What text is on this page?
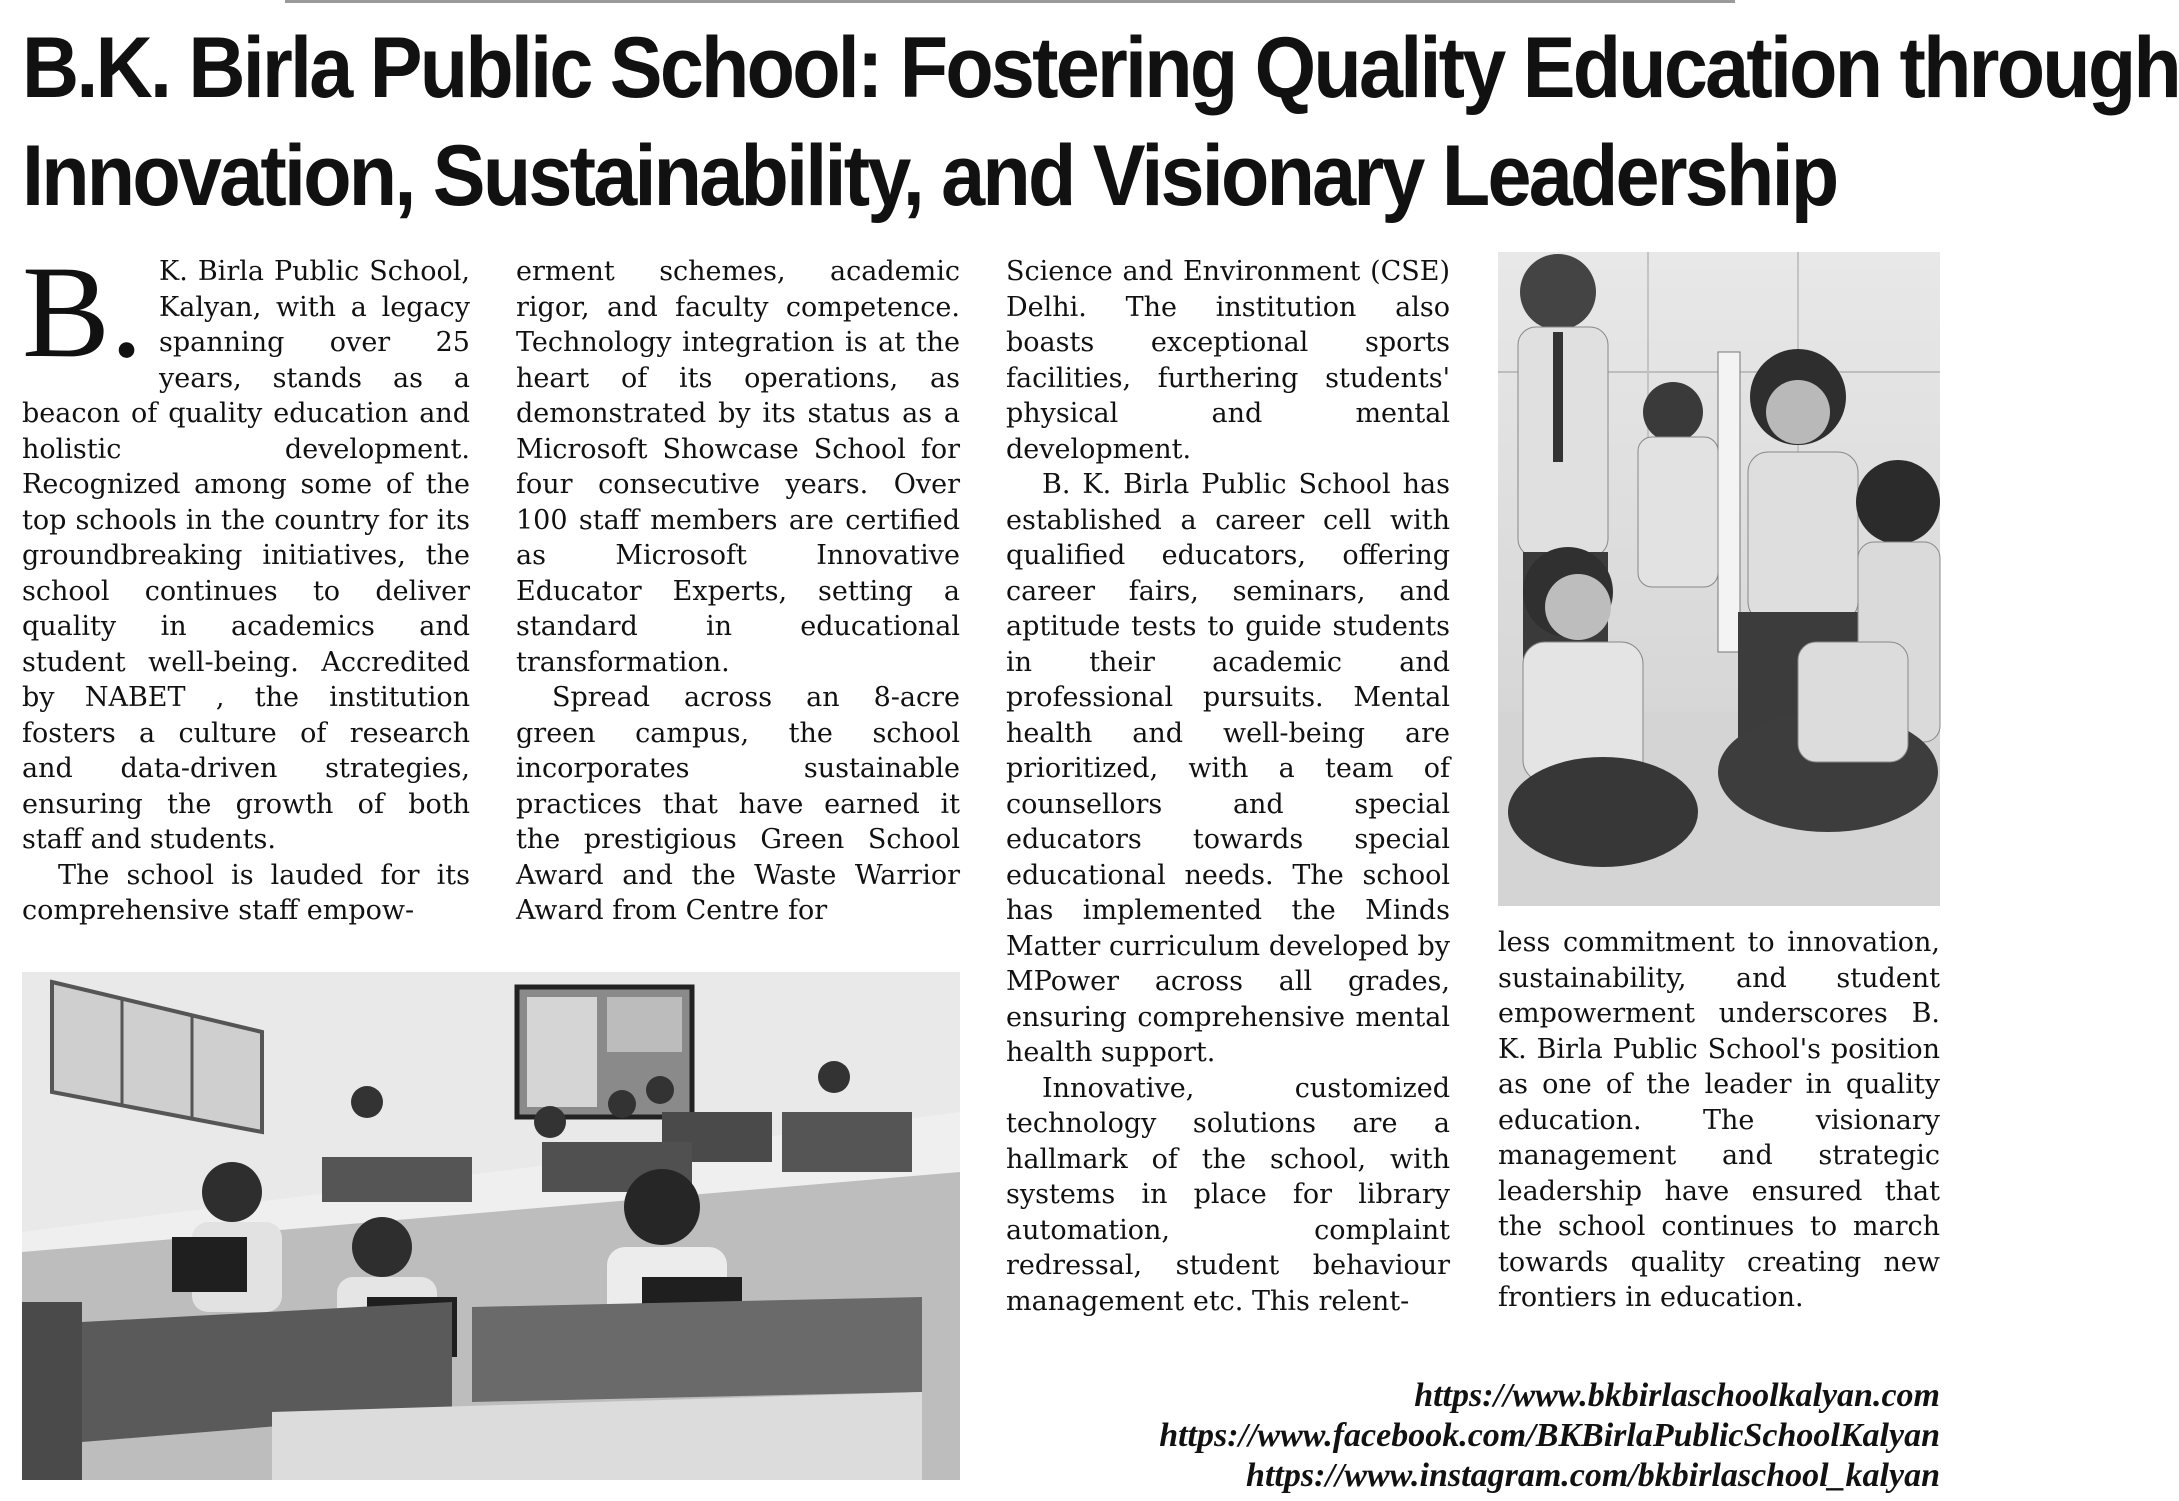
B.K. Birla Public School: Fostering Quality Education through
Innovation, Sustainability, and Visionary Leadership

B. K. Birla Public School, Kalyan, with a legacy spanning over 25 years, stands as a beacon of quality education and holistic development. Recognized among some of the top schools in the country for its groundbreaking initiatives, the school continues to deliver quality in academics and student well-being. Accredited by NABET , the institution fosters a culture of research and data-driven strategies, ensuring the growth of both staff and students.

The school is lauded for its comprehensive staff empow-

erment schemes, academic rigor, and faculty competence. Technology integration is at the heart of its operations, as demonstrated by its status as a Microsoft Showcase School for four consecutive years. Over 100 staff members are certified as Microsoft Innovative Educator Experts, setting a standard in educational transformation.

Spread across an 8-acre green campus, the school incorporates sustainable practices that have earned it the prestigious Green School Award and the Waste Warrior Award from Centre for

Science and Environment (CSE) Delhi. The institution also boasts exceptional sports facilities, furthering students' physical and mental development.

B. K. Birla Public School has established a career cell with qualified educators, offering career fairs, seminars, and aptitude tests to guide students in their academic and professional pursuits. Mental health and well-being are prioritized, with a team of counsellors and special educators towards special educational needs. The school has implemented the Minds Matter curriculum developed by MPower across all grades, ensuring comprehensive mental health support.

Innovative, customized technology solutions are a hallmark of the school, with systems in place for library automation, complaint redressal, student behaviour management etc. This relent-

less commitment to innovation, sustainability, and student empowerment underscores B. K. Birla Public School's position as one of the leader in quality education. The visionary management and strategic leadership have ensured that the school continues to march towards quality creating new frontiers in education.

https://www.bkbirlaschoolkalyan.com
https://www.facebook.com/BKBirlaPublicSchoolKalyan
https://www.instagram.com/bkbirlaschool_kalyan
